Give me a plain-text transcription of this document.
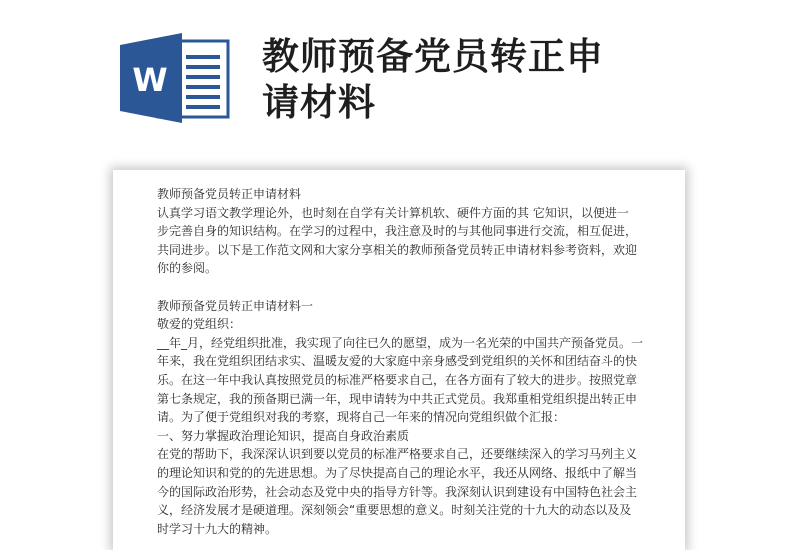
W
教师预备党员转正申
请材料
教师预备党员转正申请材料
认真学习语文教学理论外，也时刻在自学有关计算机软、硬件方面的其 它知识，以便进一
步完善自身的知识结构。在学习的过程中，我注意及时的与其他同事进行交流，相互促进，
共同进步。以下是工作范文网和大家分享相关的教师预备党员转正申请材料参考资料，欢迎
你的参阅。
教师预备党员转正申请材料一
敬爱的党组织：
__年_月，经党组织批准，我实现了向往已久的愿望，成为一名光荣的中国共产预备党员。一
年来，我在党组织团结求实、温暖友爱的大家庭中亲身感受到党组织的关怀和团结奋斗的快
乐。在这一年中我认真按照党员的标准严格要求自己，在各方面有了较大的进步。按照党章
第七条规定，我的预备期已满一年，现申请转为中共正式党员。我郑重相党组织提出转正申
请。为了便于党组织对我的考察，现将自己一年来的情况向党组织做个汇报：
一、努力掌握政治理论知识，提高自身政治素质
在党的帮助下，我深深认识到要以党员的标准严格要求自己，还要继续深入的学习马列主义
的理论知识和党的的先进思想。为了尽快提高自己的理论水平，我还从网络、报纸中了解当
今的国际政治形势，社会动态及党中央的指导方针等。我深刻认识到建设有中国特色社会主
义，经济发展才是硬道理。深刻领会“重要思想的意义。时刻关注党的十九大的动态以及及
时学习十九大的精神。
